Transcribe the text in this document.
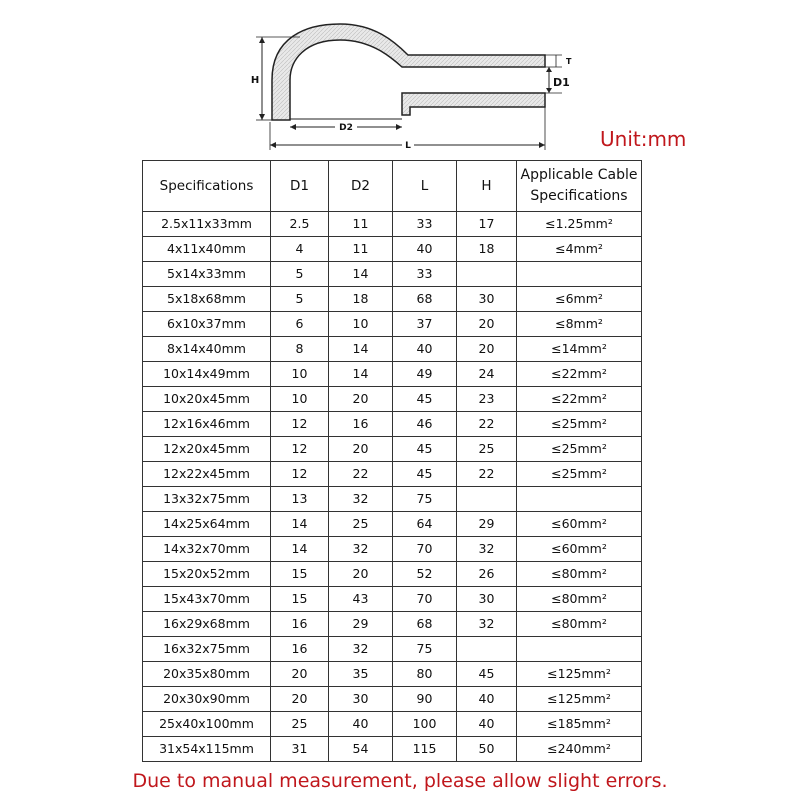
H
D2
L
T
D1
Unit:mm
Specifications	D1	D2	L	H	Applicable Cable Specifications
2.5x11x33mm	2.5	11	33	17	≤1.25mm²
4x11x40mm	4	11	40	18	≤4mm²
5x14x33mm	5	14	33		
5x18x68mm	5	18	68	30	≤6mm²
6x10x37mm	6	10	37	20	≤8mm²
8x14x40mm	8	14	40	20	≤14mm²
10x14x49mm	10	14	49	24	≤22mm²
10x20x45mm	10	20	45	23	≤22mm²
12x16x46mm	12	16	46	22	≤25mm²
12x20x45mm	12	20	45	25	≤25mm²
12x22x45mm	12	22	45	22	≤25mm²
13x32x75mm	13	32	75		
14x25x64mm	14	25	64	29	≤60mm²
14x32x70mm	14	32	70	32	≤60mm²
15x20x52mm	15	20	52	26	≤80mm²
15x43x70mm	15	43	70	30	≤80mm²
16x29x68mm	16	29	68	32	≤80mm²
16x32x75mm	16	32	75		
20x35x80mm	20	35	80	45	≤125mm²
20x30x90mm	20	30	90	40	≤125mm²
25x40x100mm	25	40	100	40	≤185mm²
31x54x115mm	31	54	115	50	≤240mm²
Due to manual measurement, please allow slight errors.
